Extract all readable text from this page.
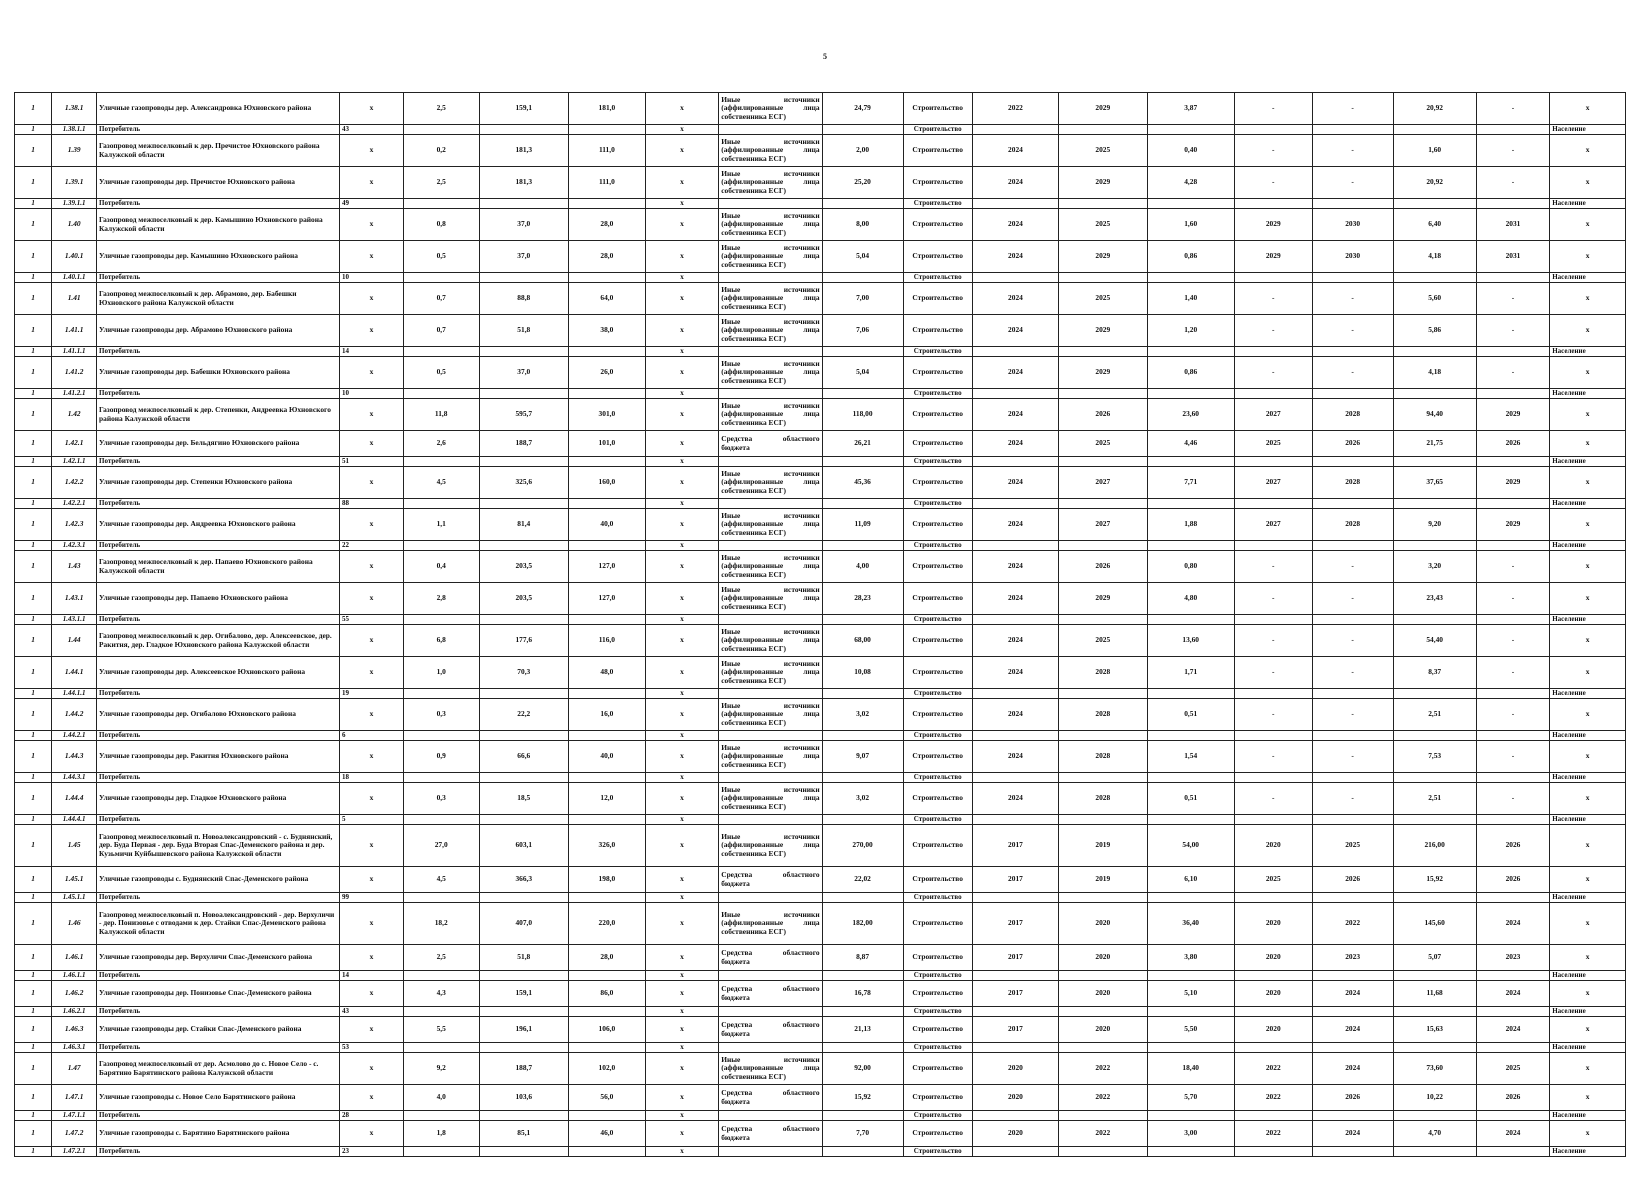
5
1	1.38.1	Уличные газопроводы дер. Александровка Юхновского района	x	2,5	159,1	181,0	x	Иные источники (аффилированные лица собственника ЕСГ)	24,79	Строительство	2022	2029	3,87	-	-	20,92	-	x
1	1.38.1.1	Потребитель	43				x			Строительство								Население
1	1.39	Газопровод межпоселковый к дер. Пречистое Юхновского района Калужской области	x	0,2	181,3	111,0	x	Иные источники (аффилированные лица собственника ЕСГ)	2,00	Строительство	2024	2025	0,40	-	-	1,60	-	x
1	1.39.1	Уличные газопроводы дер. Пречистое Юхновского района	x	2,5	181,3	111,0	x	Иные источники (аффилированные лица собственника ЕСГ)	25,20	Строительство	2024	2029	4,28	-	-	20,92	-	x
1	1.39.1.1	Потребитель	49				x			Строительство								Население
1	1.40	Газопровод межпоселковый к дер. Камышино Юхновского района Калужской области	x	0,8	37,0	28,0	x	Иные источники (аффилированные лица собственника ЕСГ)	8,00	Строительство	2024	2025	1,60	2029	2030	6,40	2031	x
1	1.40.1	Уличные газопроводы дер. Камышино Юхновского района	x	0,5	37,0	28,0	x	Иные источники (аффилированные лица собственника ЕСГ)	5,04	Строительство	2024	2029	0,86	2029	2030	4,18	2031	x
1	1.40.1.1	Потребитель	10				x			Строительство								Население
1	1.41	Газопровод межпоселковый к дер. Абрамово, дер. Бабешки Юхновского района Калужской области	x	0,7	88,8	64,0	x	Иные источники (аффилированные лица собственника ЕСГ)	7,00	Строительство	2024	2025	1,40	-	-	5,60	-	x
1	1.41.1	Уличные газопроводы дер. Абрамово Юхновского района	x	0,7	51,8	38,0	x	Иные источники (аффилированные лица собственника ЕСГ)	7,06	Строительство	2024	2029	1,20	-	-	5,86	-	x
1	1.41.1.1	Потребитель	14				x			Строительство								Население
1	1.41.2	Уличные газопроводы дер. Бабешки Юхновского района	x	0,5	37,0	26,0	x	Иные источники (аффилированные лица собственника ЕСГ)	5,04	Строительство	2024	2029	0,86	-	-	4,18	-	x
1	1.41.2.1	Потребитель	10				x			Строительство								Население
1	1.42	Газопровод межпоселковый к дер. Степенки, Андреевка Юхновского района Калужской области	x	11,8	595,7	301,0	x	Иные источники (аффилированные лица собственника ЕСГ)	118,00	Строительство	2024	2026	23,60	2027	2028	94,40	2029	x
1	1.42.1	Уличные газопроводы дер. Бельдягино Юхновского района	x	2,6	188,7	101,0	x	Средства областного бюджета	26,21	Строительство	2024	2025	4,46	2025	2026	21,75	2026	x
1	1.42.1.1	Потребитель	51				x			Строительство								Население
1	1.42.2	Уличные газопроводы дер. Степенки Юхновского района	x	4,5	325,6	160,0	x	Иные источники (аффилированные лица собственника ЕСГ)	45,36	Строительство	2024	2027	7,71	2027	2028	37,65	2029	x
1	1.42.2.1	Потребитель	88				x			Строительство								Население
1	1.42.3	Уличные газопроводы дер. Андреевка Юхновского района	x	1,1	81,4	40,0	x	Иные источники (аффилированные лица собственника ЕСГ)	11,09	Строительство	2024	2027	1,88	2027	2028	9,20	2029	x
1	1.42.3.1	Потребитель	22				x			Строительство								Население
1	1.43	Газопровод межпоселковый к дер. Папаево Юхновского района Калужской области	x	0,4	203,5	127,0	x	Иные источники (аффилированные лица собственника ЕСГ)	4,00	Строительство	2024	2026	0,80	-	-	3,20	-	x
1	1.43.1	Уличные газопроводы дер. Папаево Юхновского района	x	2,8	203,5	127,0	x	Иные источники (аффилированные лица собственника ЕСГ)	28,23	Строительство	2024	2029	4,80	-	-	23,43	-	x
1	1.43.1.1	Потребитель	55				x			Строительство								Население
1	1.44	Газопровод межпоселковый к дер. Огибалово, дер. Алексеевское, дер. Ракитня, дер. Гладкое Юхновского района Калужской области	x	6,8	177,6	116,0	x	Иные источники (аффилированные лица собственника ЕСГ)	68,00	Строительство	2024	2025	13,60	-	-	54,40	-	x
1	1.44.1	Уличные газопроводы дер. Алексеевское Юхновского района	x	1,0	70,3	48,0	x	Иные источники (аффилированные лица собственника ЕСГ)	10,08	Строительство	2024	2028	1,71	-	-	8,37	-	x
1	1.44.1.1	Потребитель	19				x			Строительство								Население
1	1.44.2	Уличные газопроводы дер. Огибалово Юхновского района	x	0,3	22,2	16,0	x	Иные источники (аффилированные лица собственника ЕСГ)	3,02	Строительство	2024	2028	0,51	-	-	2,51	-	x
1	1.44.2.1	Потребитель	6				x			Строительство								Население
1	1.44.3	Уличные газопроводы дер. Ракитня Юхновского района	x	0,9	66,6	40,0	x	Иные источники (аффилированные лица собственника ЕСГ)	9,07	Строительство	2024	2028	1,54	-	-	7,53	-	x
1	1.44.3.1	Потребитель	18				x			Строительство								Население
1	1.44.4	Уличные газопроводы дер. Гладкое Юхновского района	x	0,3	18,5	12,0	x	Иные источники (аффилированные лица собственника ЕСГ)	3,02	Строительство	2024	2028	0,51	-	-	2,51	-	x
1	1.44.4.1	Потребитель	5				x			Строительство								Население
1	1.45	Газопровод межпоселковый п. Новоалександровский - с. Буднянский, дер. Буда Первая - дер. Буда Вторая Спас-Деменского района и дер. Кузьмичи Куйбышевского района Калужской области	x	27,0	603,1	326,0	x	Иные источники (аффилированные лица собственника ЕСГ)	270,00	Строительство	2017	2019	54,00	2020	2025	216,00	2026	x
1	1.45.1	Уличные газопроводы с. Буднянский Спас-Деменского района	x	4,5	366,3	198,0	x	Средства областного бюджета	22,02	Строительство	2017	2019	6,10	2025	2026	15,92	2026	x
1	1.45.1.1	Потребитель	99				x			Строительство								Население
1	1.46	Газопровод межпоселковый п. Новоалександровский - дер. Верхуличи - дер. Понизовье с отводами к дер. Стайки Спас-Деменского района Калужской области	x	18,2	407,0	220,0	x	Иные источники (аффилированные лица собственника ЕСГ)	182,00	Строительство	2017	2020	36,40	2020	2022	145,60	2024	x
1	1.46.1	Уличные газопроводы дер. Верхуличи Спас-Деменского района	x	2,5	51,8	28,0	x	Средства областного бюджета	8,87	Строительство	2017	2020	3,80	2020	2023	5,07	2023	x
1	1.46.1.1	Потребитель	14				x			Строительство								Население
1	1.46.2	Уличные газопроводы дер. Понизовье Спас-Деменского района	x	4,3	159,1	86,0	x	Средства областного бюджета	16,78	Строительство	2017	2020	5,10	2020	2024	11,68	2024	x
1	1.46.2.1	Потребитель	43				x			Строительство								Население
1	1.46.3	Уличные газопроводы дер. Стайки Спас-Деменского района	x	5,5	196,1	106,0	x	Средства областного бюджета	21,13	Строительство	2017	2020	5,50	2020	2024	15,63	2024	x
1	1.46.3.1	Потребитель	53				x			Строительство								Население
1	1.47	Газопровод межпоселковый от дер. Асмолово до с. Новое Село - с. Барятино Барятинского района Калужской области	x	9,2	188,7	102,0	x	Иные источники (аффилированные лица собственника ЕСГ)	92,00	Строительство	2020	2022	18,40	2022	2024	73,60	2025	x
1	1.47.1	Уличные газопроводы с. Новое Село Барятинского района	x	4,0	103,6	56,0	x	Средства областного бюджета	15,92	Строительство	2020	2022	5,70	2022	2026	10,22	2026	x
1	1.47.1.1	Потребитель	28				x			Строительство								Население
1	1.47.2	Уличные газопроводы с. Барятино Барятинского района	x	1,8	85,1	46,0	x	Средства областного бюджета	7,70	Строительство	2020	2022	3,00	2022	2024	4,70	2024	x
1	1.47.2.1	Потребитель	23				x			Строительство								Население
